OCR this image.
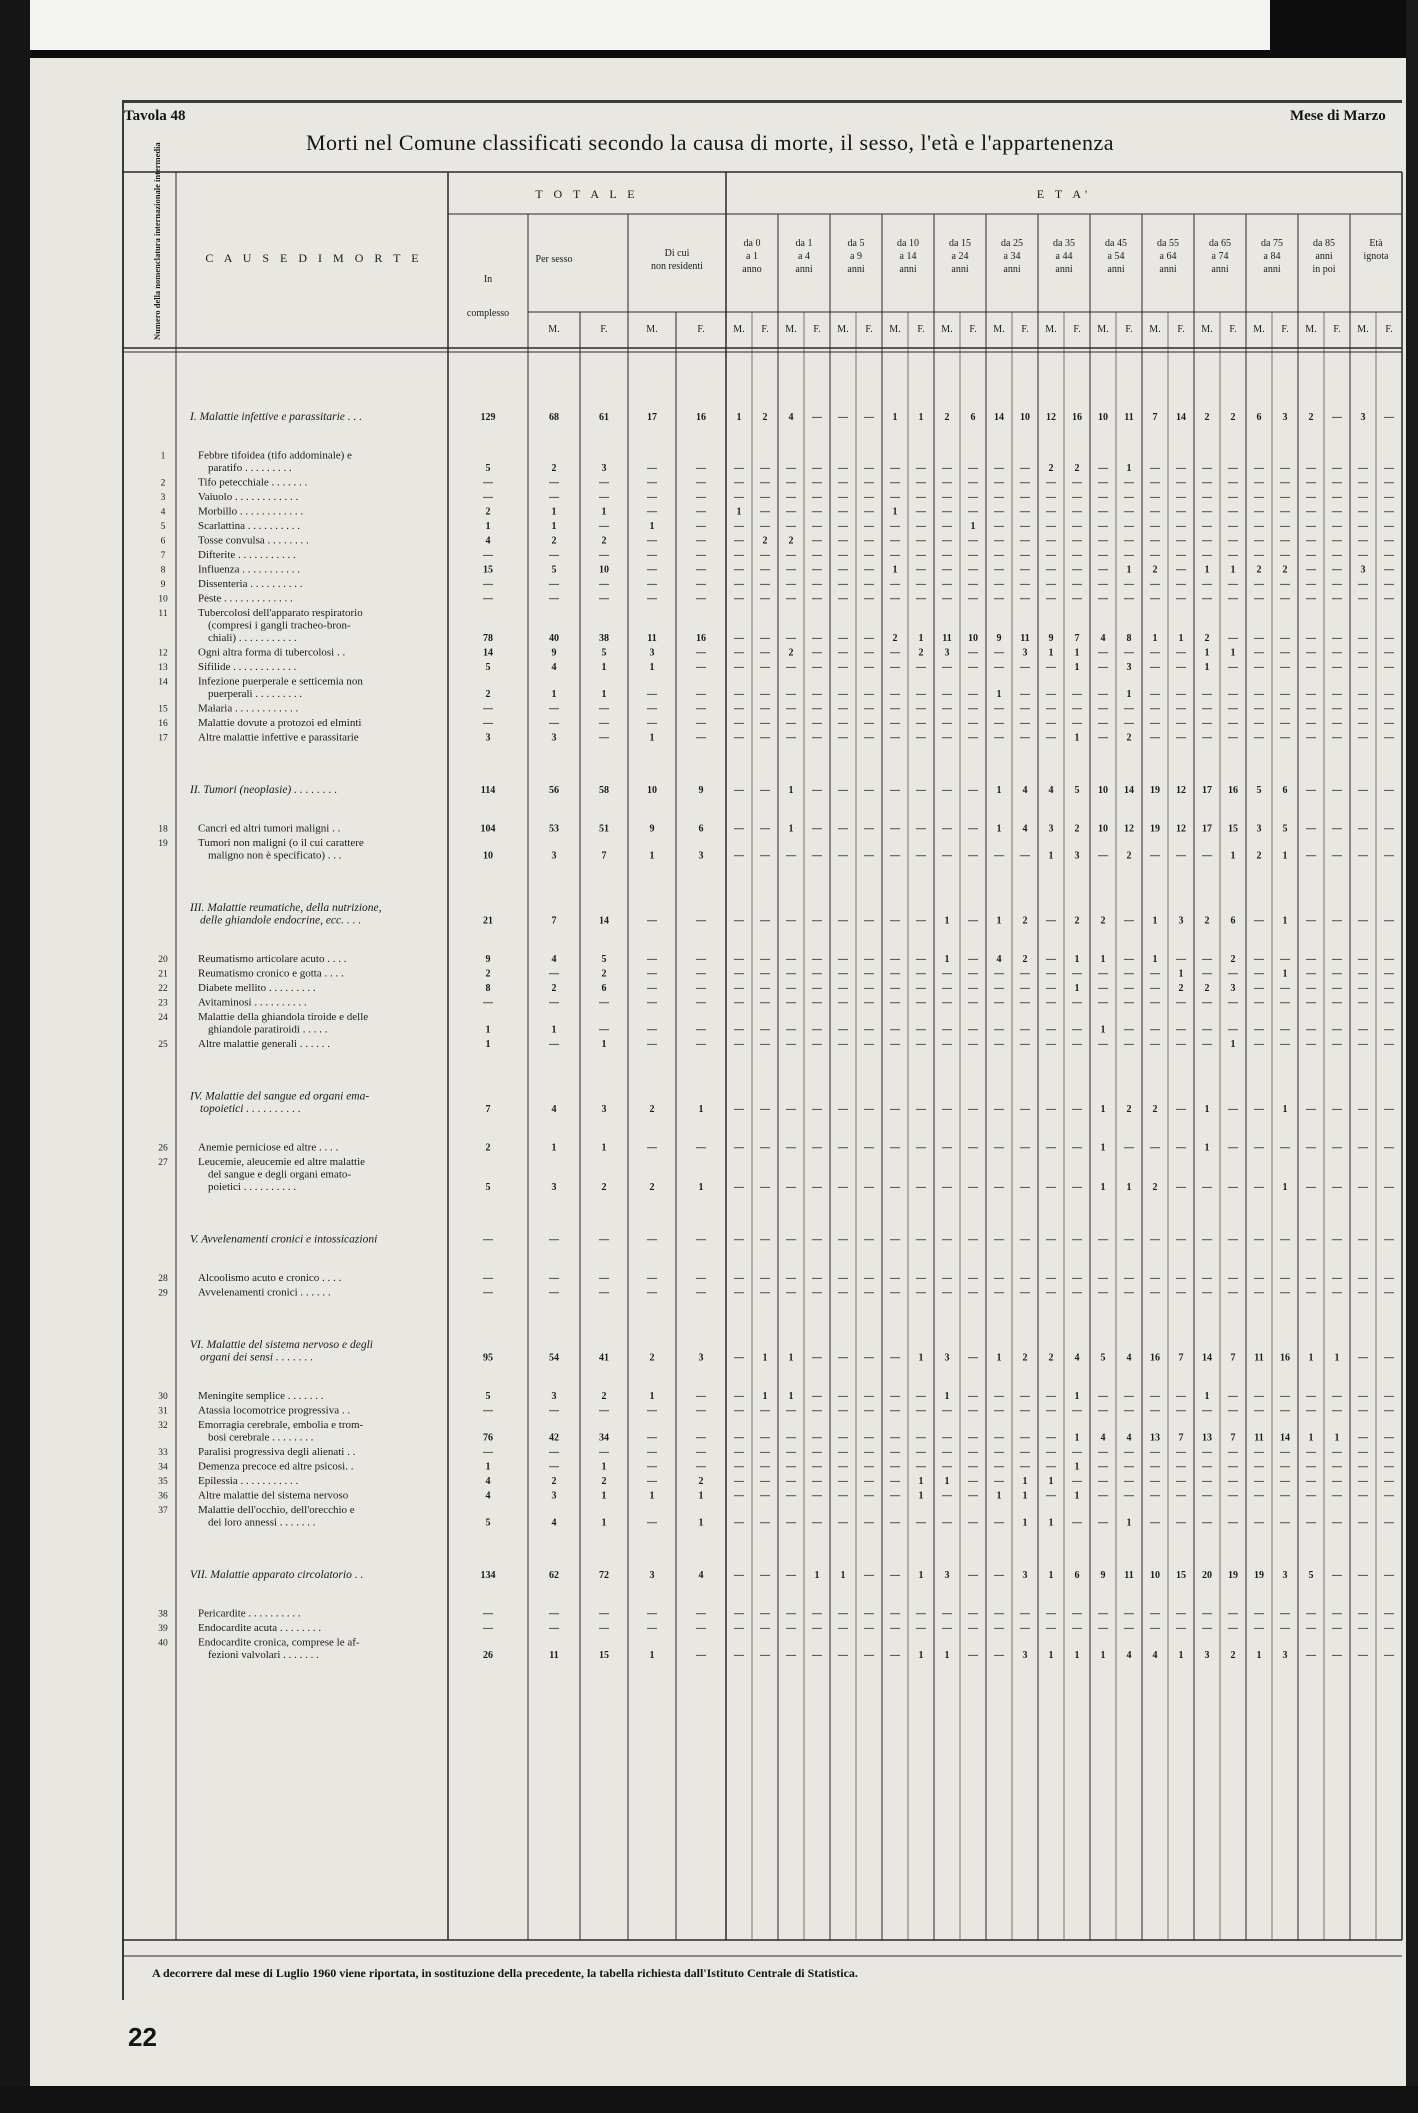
Tavola 48	Mese di Marzo
Morti nel Comune classificati secondo la causa di morte, il sesso, l'età e l'appartenenza
Numero della nomenclatura internazionale intermedia	C A U S E D I M O R T E
T O T A L E	E T A'
In
complesso
Per sesso
Di cui
non residenti
M.	F.	M.	F.
da 0
a 1
anno
da 1
a 4
anni
da 5
a 9
anni
da 10
a 14
anni
da 15
a 24
anni
da 25
a 34
anni
da 35
a 44
anni
da 45
a 54
anni
da 55
a 64
anni
da 65
a 74
anni
da 75
a 84
anni
da 85
anni
in poi
Età
ignota
M. F. M. F. M. F. M. F. M. F. M. F. M. F. M. F. M. F. M. F. M. F. M. F. M. F.
I. Malattie infettive e parassitarie . . .	129	68	61	17	16	1 2 4 — — — 1 1 2 6 14 10 12 16 10 11 7 14 2 2 6 3 2 — 3 —
1	Febbre tifoidea (tifo addominale) e
paratifo . . . . . . . . .	5	2	3	—	—	— — — — — — — — — — — — 2 2 — 1 — — — — — — — — — —
2	Tifo petecchiale . . . . . . .	—	—	—	—	—	— — — — — — — — — — — — — — — — — — — — — — — — — —
3	Vaiuolo . . . . . . . . . . . .	—	—	—	—	—	— — — — — — — — — — — — — — — — — — — — — — — — — —
4	Morbillo . . . . . . . . . . . .	2	1	1	—	—	1 — — — — — 1 — — — — — — — — — — — — — — — — — — —
5	Scarlattina . . . . . . . . . .	1	1	—	1	—	— — — — — — — — — 1 — — — — — — — — — — — — — — — —
6	Tosse convulsa . . . . . . . .	4	2	2	—	—	— 2 2 — — — — — — — — — — — — — — — — — — — — — — —
7	Difterite . . . . . . . . . . .	—	—	—	—	—	— — — — — — — — — — — — — — — — — — — — — — — — — —
8	Influenza . . . . . . . . . . .	15	5	10	—	—	— — — — — — 1 — — — — — — — — 1 2 — 1 1 2 2 — — 3 —
9	Dissenteria . . . . . . . . . .	—	—	—	—	—	— — — — — — — — — — — — — — — — — — — — — — — — — —
10	Peste . . . . . . . . . . . . .	—	—	—	—	—	— — — — — — — — — — — — — — — — — — — — — — — — — —
11	Tubercolosi dell'apparato respiratorio
(compresi i gangli tracheo-bron-
chiali) . . . . . . . . . . .	78	40	38	11	16	— — — — — — 2 1 11 10 9 11 9 7 4 8 1 1 2 — — — — — — —
12	Ogni altra forma di tubercolosi . .	14	9	5	3	—	— — 2 — — — — 2 3 — — 3 1 1 — — — — 1 1 — — — — — —
13	Sifilide . . . . . . . . . . . .	5	4	1	1	—	— — — — — — — — — — — — — 1 — 3 — — 1 — — — — — — —
14	Infezione puerperale e setticemia non
puerperali . . . . . . . . .	2	1	1	—	—	— — — — — — — — — — 1 — — — — 1 — — — — — — — — — —
15	Malaria . . . . . . . . . . . .	—	—	—	—	—	— — — — — — — — — — — — — — — — — — — — — — — — — —
16	Malattie dovute a protozoi ed elminti	—	—	—	—	—	— — — — — — — — — — — — — — — — — — — — — — — — — —
17	Altre malattie infettive e parassitarie	3	3	—	1	—	— — — — — — — — — — — — — 1 — 2 — — — — — — — — — —
II. Tumori (neoplasie) . . . . . . . .	114	56	58	10	9	— — 1 — — — — — — — 1 4 4 5 10 14 19 12 17 16 5 6 — — — —
18	Cancri ed altri tumori maligni . .	104	53	51	9	6	— — 1 — — — — — — — 1 4 3 2 10 12 19 12 17 15 3 5 — — — —
19	Tumori non maligni (o il cui carattere
maligno non è specificato) . . .	10	3	7	1	3	— — — — — — — — — — — — 1 3 — 2 — — — 1 2 1 — — — —
III. Malattie reumatiche, della nutrizione,
delle ghiandole endocrine, ecc. . . .	21	7	14	—	—	— — — — — — — — 1 — 1 2 — 2 2 — 1 3 2 6 — 1 — — — —
20	Reumatismo articolare acuto . . . .	9	4	5	—	—	— — — — — — — — 1 — 4 2 — 1 1 — 1 — — 2 — — — — — —
21	Reumatismo cronico e gotta . . . .	2	—	2	—	—	— — — — — — — — — — — — — — — — — 1 — — — 1 — — — —
22	Diabete mellito . . . . . . . . .	8	2	6	—	—	— — — — — — — — — — — — — 1 — — — 2 2 3 — — — — — —
23	Avitaminosi . . . . . . . . . .	—	—	—	—	—	— — — — — — — — — — — — — — — — — — — — — — — — — —
24	Malattie della ghiandola tiroide e delle
ghiandole paratiroidi . . . . .	1	1	—	—	—	— — — — — — — — — — — — — — 1 — — — — — — — — — — —
25	Altre malattie generali . . . . . .	1	—	1	—	—	— — — — — — — — — — — — — — — — — — — 1 — — — — — —
IV. Malattie del sangue ed organi ema-
topoietici . . . . . . . . . .	7	4	3	2	1	— — — — — — — — — — — — — — 1 2 2 — 1 — — 1 — — — —
26	Anemie perniciose ed altre . . . .	2	1	1	—	—	— — — — — — — — — — — — — — 1 — — — 1 — — — — — — —
27	Leucemie, aleucemie ed altre malattie
del sangue e degli organi emato-
poietici . . . . . . . . . .	5	3	2	2	1	— — — — — — — — — — — — — — 1 1 2 — — — — 1 — — — —
V. Avvelenamenti cronici e intossicazioni	—	—	—	—	—	— — — — — — — — — — — — — — — — — — — — — — — — — —
28	Alcoolismo acuto e cronico . . . .	—	—	—	—	—	— — — — — — — — — — — — — — — — — — — — — — — — — —
29	Avvelenamenti cronici . . . . . .	—	—	—	—	—	— — — — — — — — — — — — — — — — — — — — — — — — — —
VI. Malattie del sistema nervoso e degli
organi dei sensi . . . . . . .	95	54	41	2	3	— 1 1 — — — — 1 3 — 1 2 2 4 5 4 16 7 14 7 11 16 1 1 — —
30	Meningite semplice . . . . . . .	5	3	2	1	—	— 1 1 — — — — — 1 — — — — 1 — — — — 1 — — — — — — —
31	Atassia locomotrice progressiva . .	—	—	—	—	—	— — — — — — — — — — — — — — — — — — — — — — — — — —
32	Emorragia cerebrale, embolia e trom-
bosi cerebrale . . . . . . . .	76	42	34	—	—	— — — — — — — — — — — — — 1 4 4 13 7 13 7 11 14 1 1 — —
33	Paralisi progressiva degli alienati . .	—	—	—	—	—	— — — — — — — — — — — — — — — — — — — — — — — — — —
34	Demenza precoce ed altre psicosi. .	1	—	1	—	—	— — — — — — — — — — — — — 1 — — — — — — — — — — — —
35	Epilessia . . . . . . . . . . .	4	2	2	—	2	— — — — — — — 1 1 — — 1 1 — — — — — — — — — — — — —
36	Altre malattie del sistema nervoso	4	3	1	1	1	— — — — — — — 1 — — 1 1 — 1 — — — — — — — — — — — —
37	Malattie dell'occhio, dell'orecchio e
dei loro annessi . . . . . . .	5	4	1	—	1	— — — — — — — — — — — 1 1 — — 1 — — — — — — — — — —
VII. Malattie apparato circolatorio . .	134	62	72	3	4	— — — 1 1 — — 1 3 — — 3 1 6 9 11 10 15 20 19 19 3 5 — — —
38	Pericardite . . . . . . . . . .	—	—	—	—	—	— — — — — — — — — — — — — — — — — — — — — — — — — —
39	Endocardite acuta . . . . . . . .	—	—	—	—	—	— — — — — — — — — — — — — — — — — — — — — — — — — —
40	Endocardite cronica, comprese le af-
fezioni valvolari . . . . . . .	26	11	15	1	—	— — — — — — — 1 1 — — 3 1 1 1 4 4 1 3 2 1 3 — — — —
A decorrere dal mese di Luglio 1960 viene riportata, in sostituzione della precedente, la tabella richiesta dall'Istituto Centrale di Statistica.
22
